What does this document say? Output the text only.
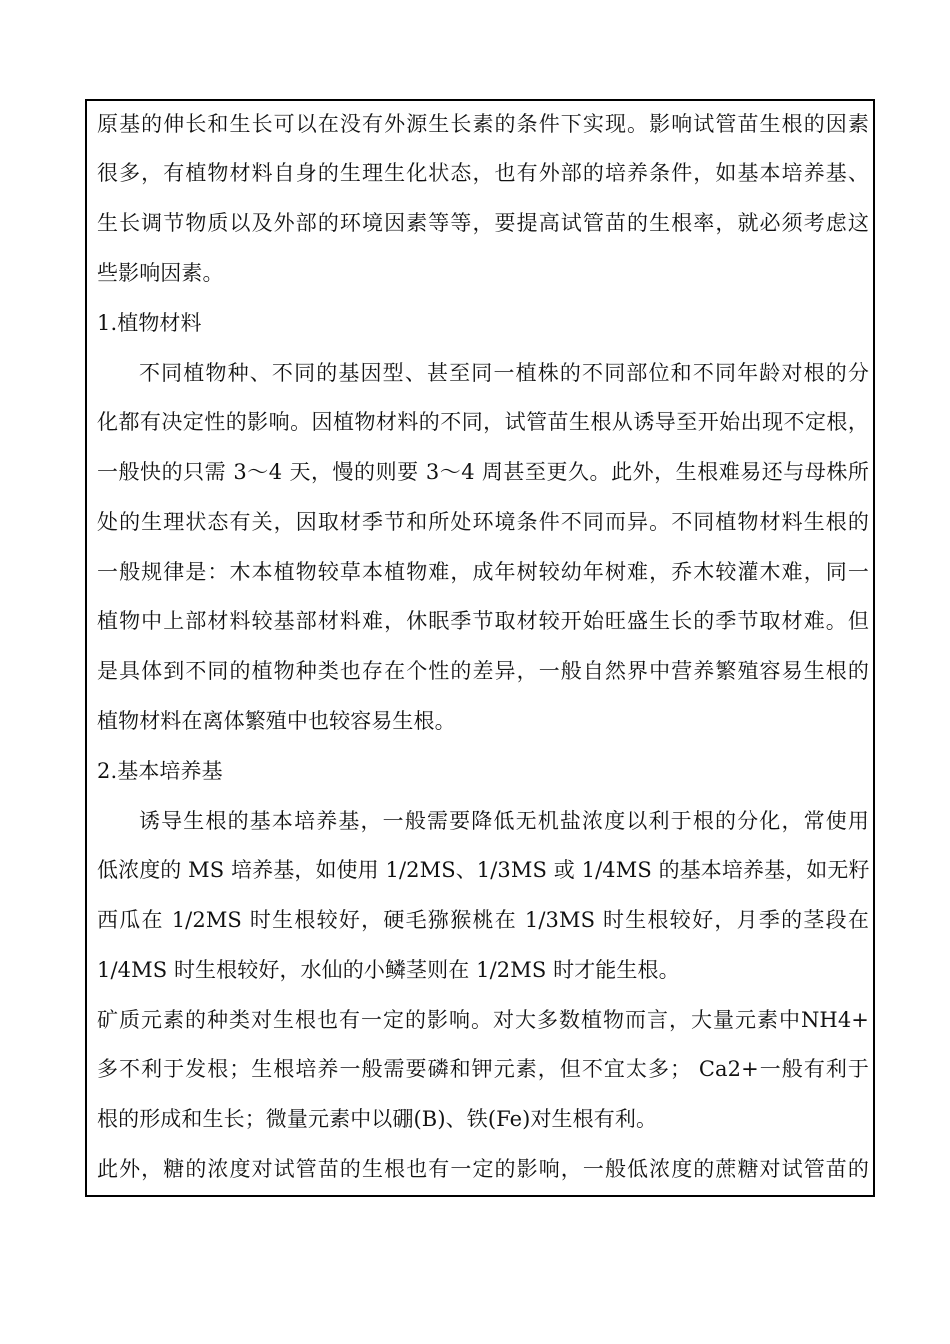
原基的伸长和生长可以在没有外源生长素的条件下实现。影响试管苗生根的因素
很多，有植物材料自身的生理生化状态，也有外部的培养条件，如基本培养基、
生长调节物质以及外部的环境因素等等，要提高试管苗的生根率，就必须考虑这
些影响因素。
1.植物材料
不同植物种、不同的基因型、甚至同一植株的不同部位和不同年龄对根的分
化都有决定性的影响。因植物材料的不同，试管苗生根从诱导至开始出现不定根，
一般快的只需 3～4 天，慢的则要 3～4 周甚至更久。此外，生根难易还与母株所
处的生理状态有关，因取材季节和所处环境条件不同而异。不同植物材料生根的
一般规律是：木本植物较草本植物难，成年树较幼年树难，乔木较灌木难，同一
植物中上部材料较基部材料难，休眠季节取材较开始旺盛生长的季节取材难。但
是具体到不同的植物种类也存在个性的差异，一般自然界中营养繁殖容易生根的
植物材料在离体繁殖中也较容易生根。
2.基本培养基
诱导生根的基本培养基，一般需要降低无机盐浓度以利于根的分化，常使用
低浓度的 MS 培养基，如使用 1/2MS、1/3MS 或 1/4MS 的基本培养基，如无籽
西瓜在 1/2MS 时生根较好，硬毛猕猴桃在 1/3MS 时生根较好，月季的茎段在
1/4MS 时生根较好，水仙的小鳞茎则在 1/2MS 时才能生根。
矿质元素的种类对生根也有一定的影响。对大多数植物而言，大量元素中NH4+
多不利于发根；生根培养一般需要磷和钾元素，但不宜太多； Ca2+一般有利于
根的形成和生长；微量元素中以硼(B)、铁(Fe)对生根有利。
此外，糖的浓度对试管苗的生根也有一定的影响，一般低浓度的蔗糖对试管苗的
